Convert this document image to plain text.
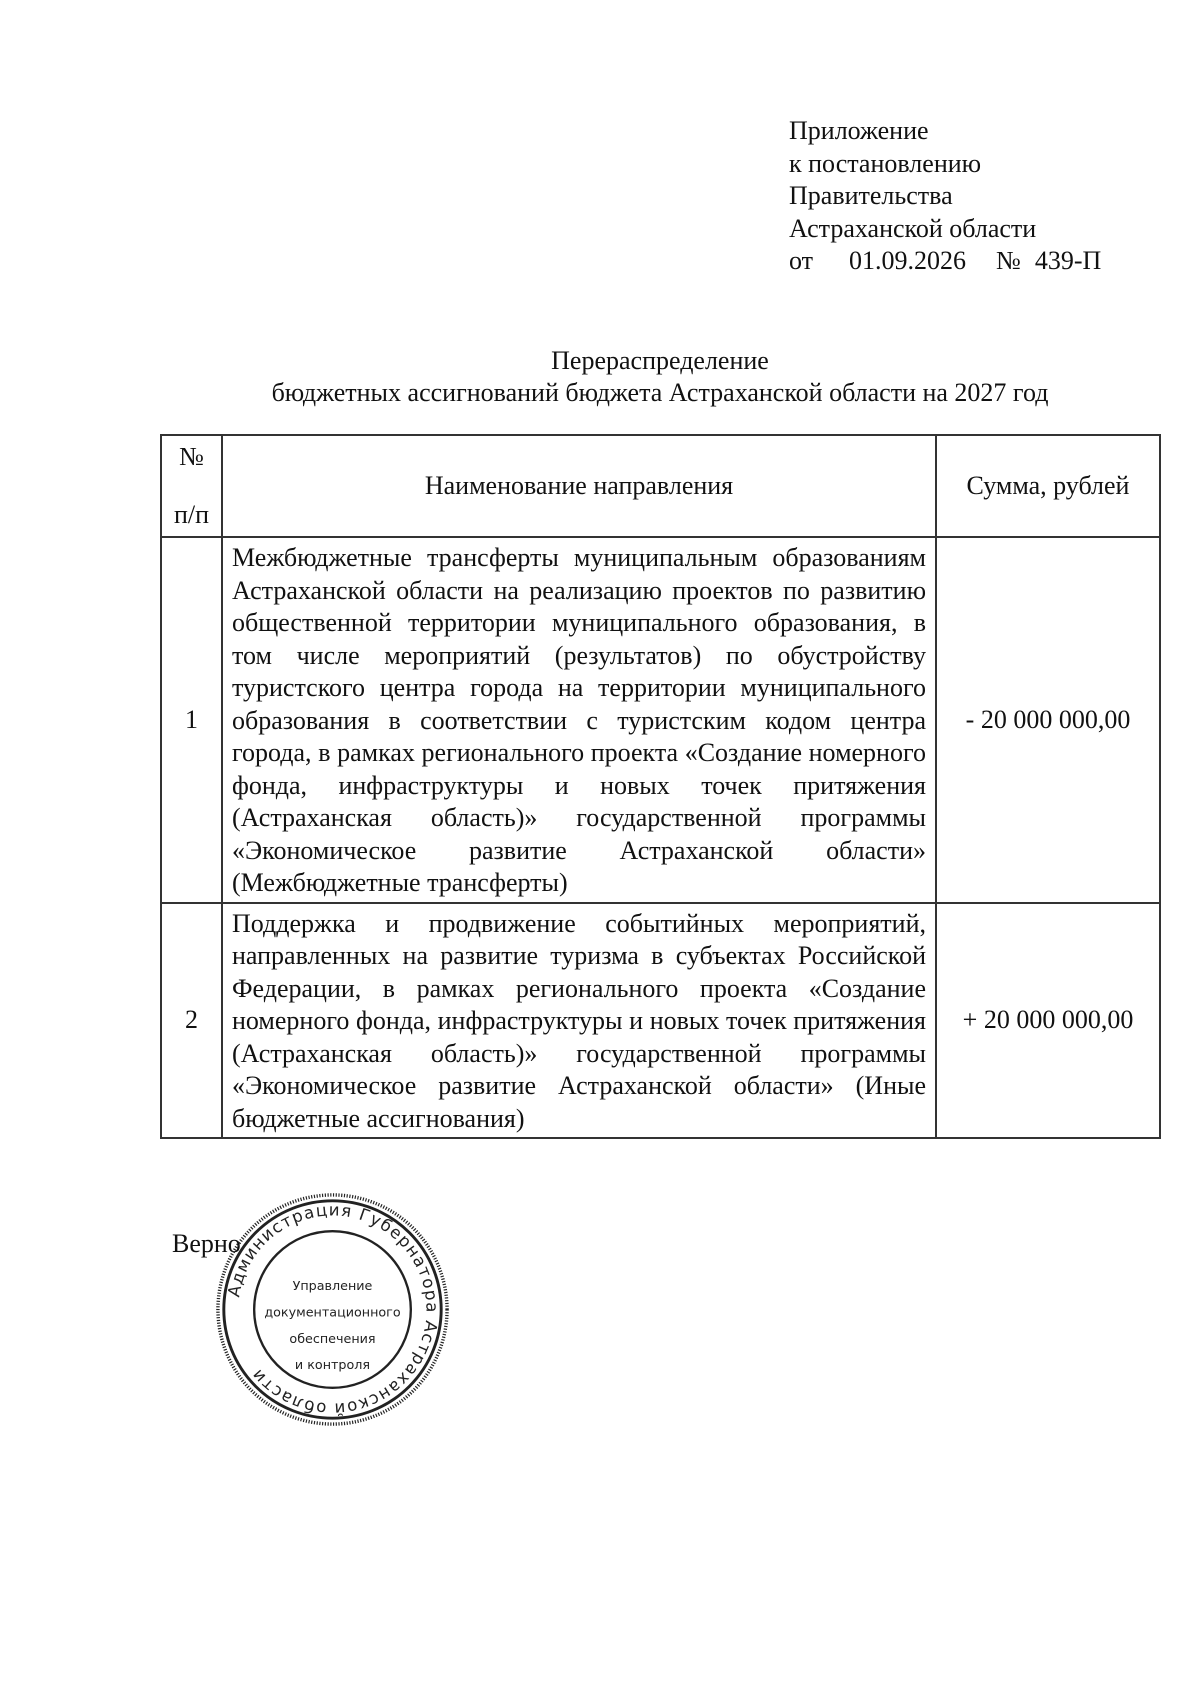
Приложение
к постановлению
Правительства
Астраханской области
от 01.09.2026 № 439-П
Перераспределение
бюджетных ассигнований бюджета Астраханской области на 2027 год
№
п/п	Наименование направления	Сумма, рублей
1	Межбюджетные трансферты муниципальным образованиям Астраханской области на реализацию проектов по развитию общественной территории муниципального образования, в том числе мероприятий (результатов) по обустройству туристского центра города на территории муниципального образования в соответствии с туристским кодом центра города, в рамках регионального проекта «Создание номерного фонда, инфраструктуры и новых точек притяжения (Астраханская область)» государственной программы «Экономическое развитие Астраханской области» (Межбюджетные трансферты)	- 20 000 000,00
2	Поддержка и продвижение событийных мероприятий, направленных на развитие туризма в субъектах Российской Федерации, в рамках регионального проекта «Создание номерного фонда, инфраструктуры и новых точек притяжения (Астраханская область)» государственной программы «Экономическое развитие Астраханской области» (Иные бюджетные ассигнования)	+ 20 000 000,00
Верно
Администрация Губернатора Астраханской области
Управление
документационного
обеспечения
и контроля
